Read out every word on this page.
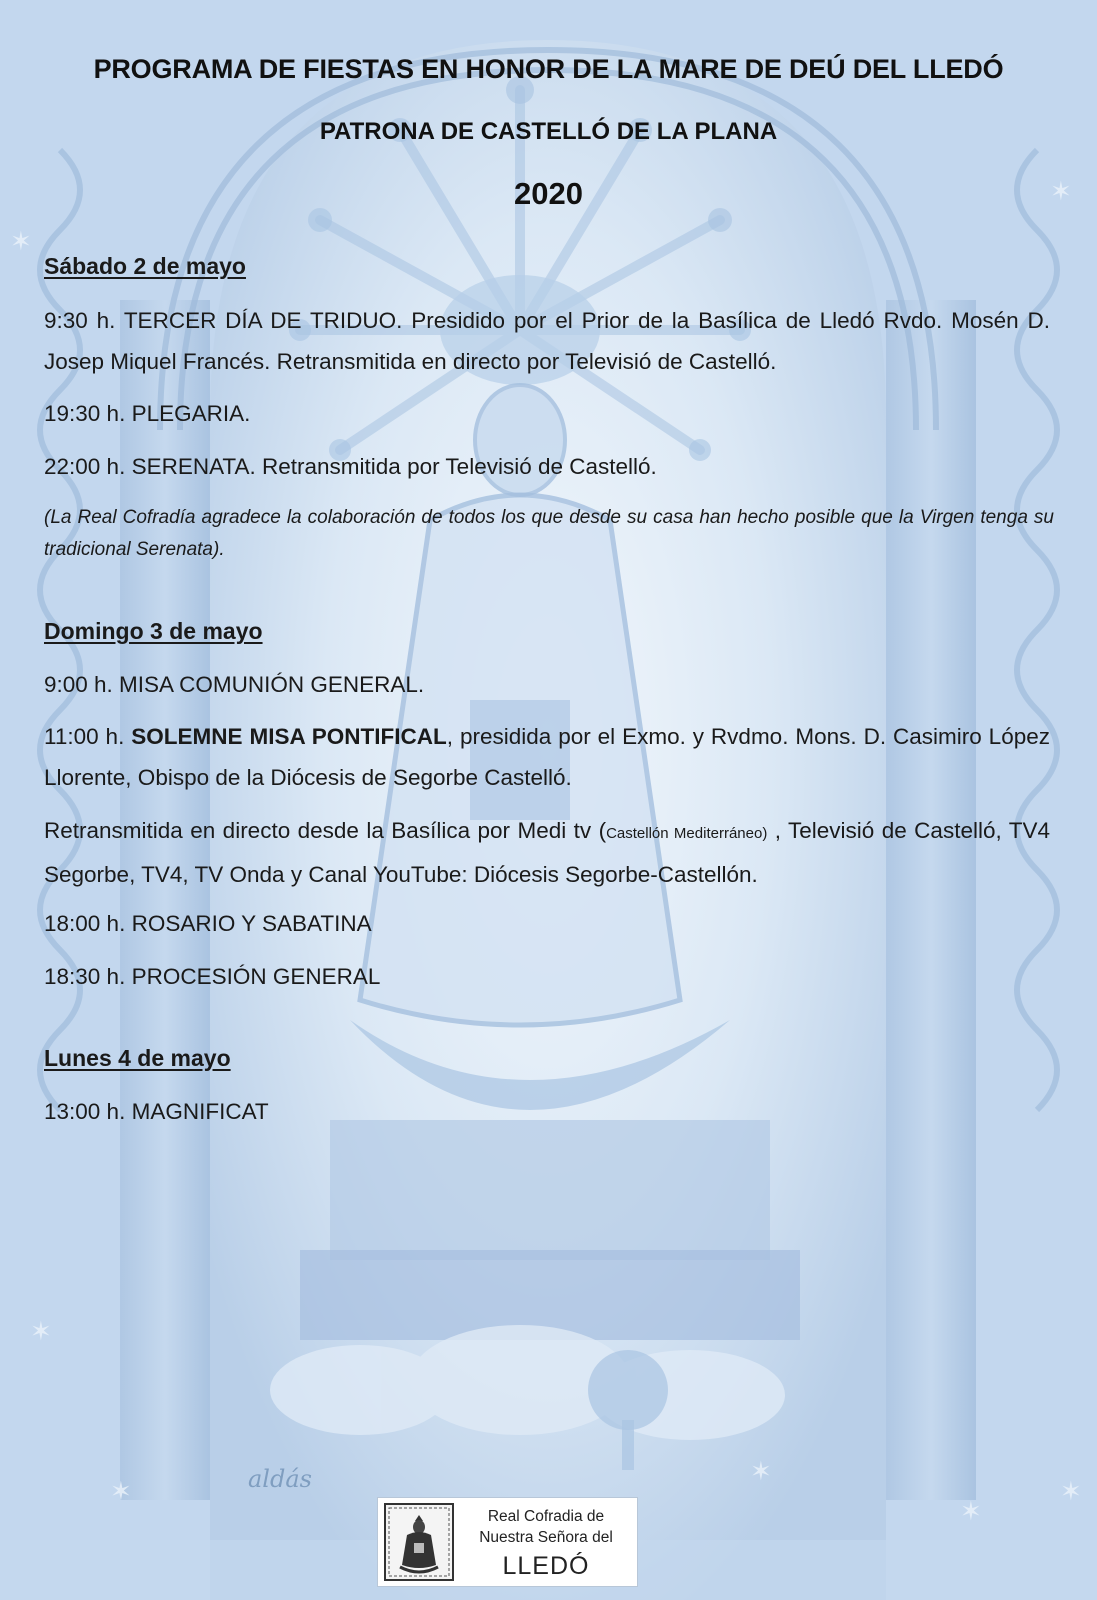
✶
✶
✶
✶
✶
✶
✶
PROGRAMA DE FIESTAS EN HONOR DE LA MARE DE DEÚ DEL LLEDÓ
PATRONA DE CASTELLÓ DE LA PLANA
2020
Sábado 2 de mayo
9:30 h. TERCER DÍA DE TRIDUO. Presidido por el Prior de la Basílica de Lledó Rvdo. Mosén D. Josep Miquel Francés. Retransmitida en directo por Televisió de Castelló.
19:30 h. PLEGARIA.
22:00 h. SERENATA. Retransmitida por Televisió de Castelló.
(La Real Cofradía agradece la colaboración de todos los que desde su casa han hecho posible que la Virgen tenga su tradicional Serenata).
Domingo 3 de mayo
9:00 h. MISA COMUNIÓN GENERAL.
11:00 h. SOLEMNE MISA PONTIFICAL, presidida por el Exmo. y Rvdmo. Mons. D. Casimiro López Llorente, Obispo de la Diócesis de Segorbe Castelló.
Retransmitida en directo desde la Basílica por Medi tv (Castellón Mediterráneo) , Televisió de Castelló, TV4 Segorbe, TV4, TV Onda y Canal YouTube: Diócesis Segorbe-Castellón.
18:00 h. ROSARIO Y SABATINA
18:30 h. PROCESIÓN GENERAL
Lunes 4 de mayo
13:00 h. MAGNIFICAT
aldás
Real Cofradia de
Nuestra Señora del
LLEDÓ
